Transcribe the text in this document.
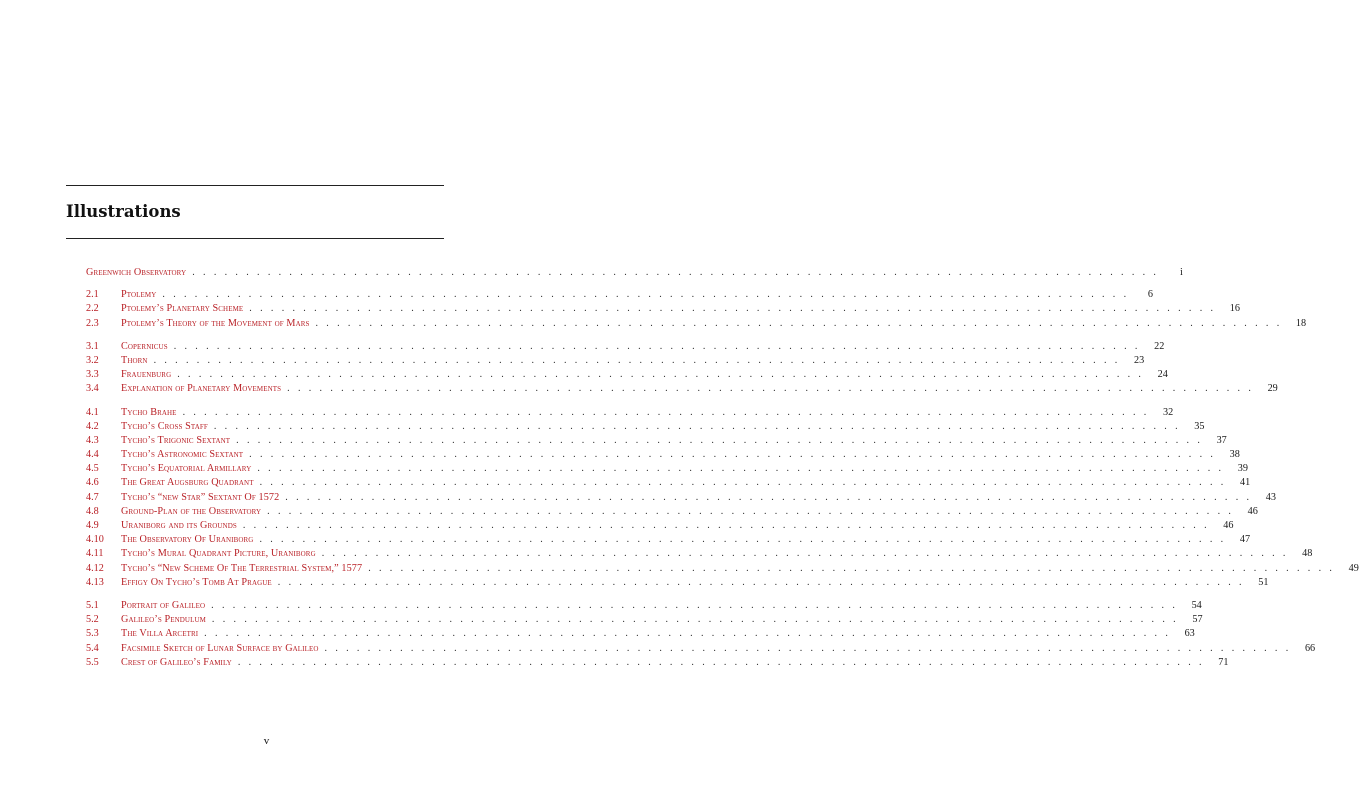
Illustrations
Greenwich Observatory . . . . . . . . . . . . . . . . . . . . . . . . . . . . . . . . . . . . . . . . . . . . . . . . . . . . . . . . . . . . . . . . . . . . . . . . . . . . . . . . . . . . . . . . . .	i
2.1	Ptolemy . . . . . . . . . . . . . . . . . . . . . . . . . . . . . . . . . . . . . . . . . . . . . . . . . . . . . . . . . . . . . . . . . . . . . . . . . . . . . . . . . . . . . . . . . .	6
2.2	Ptolemy’s Planetary Scheme . . . . . . . . . . . . . . . . . . . . . . . . . . . . . . . . . . . . . . . . . . . . . . . . . . . . . . . . . . . . . . . . . . . . . . . . . . . . . . . . . . . . . . . . . .	16
2.3	Ptolemy’s Theory of the Movement of Mars . . . . . . . . . . . . . . . . . . . . . . . . . . . . . . . . . . . . . . . . . . . . . . . . . . . . . . . . . . . . . . . . . . . . . . . . . . . . . . . . . . . . . . . . . .	18
3.1	Copernicus . . . . . . . . . . . . . . . . . . . . . . . . . . . . . . . . . . . . . . . . . . . . . . . . . . . . . . . . . . . . . . . . . . . . . . . . . . . . . . . . . . . . . . . . . .	22
3.2	Thorn . . . . . . . . . . . . . . . . . . . . . . . . . . . . . . . . . . . . . . . . . . . . . . . . . . . . . . . . . . . . . . . . . . . . . . . . . . . . . . . . . . . . . . . . . .	23
3.3	Frauenburg . . . . . . . . . . . . . . . . . . . . . . . . . . . . . . . . . . . . . . . . . . . . . . . . . . . . . . . . . . . . . . . . . . . . . . . . . . . . . . . . . . . . . . . . . .	24
3.4	Explanation of Planetary Movements . . . . . . . . . . . . . . . . . . . . . . . . . . . . . . . . . . . . . . . . . . . . . . . . . . . . . . . . . . . . . . . . . . . . . . . . . . . . . . . . . . . . . . . . . .	29
4.1	Tycho Brahe . . . . . . . . . . . . . . . . . . . . . . . . . . . . . . . . . . . . . . . . . . . . . . . . . . . . . . . . . . . . . . . . . . . . . . . . . . . . . . . . . . . . . . . . . .	32
4.2	Tycho’s Cross Staff . . . . . . . . . . . . . . . . . . . . . . . . . . . . . . . . . . . . . . . . . . . . . . . . . . . . . . . . . . . . . . . . . . . . . . . . . . . . . . . . . . . . . . . . . .	35
4.3	Tycho’s Trigonic Sextant . . . . . . . . . . . . . . . . . . . . . . . . . . . . . . . . . . . . . . . . . . . . . . . . . . . . . . . . . . . . . . . . . . . . . . . . . . . . . . . . . . . . . . . . . .	37
4.4	Tycho’s Astronomic Sextant . . . . . . . . . . . . . . . . . . . . . . . . . . . . . . . . . . . . . . . . . . . . . . . . . . . . . . . . . . . . . . . . . . . . . . . . . . . . . . . . . . . . . . . . . .	38
4.5	Tycho’s Equatorial Armillary . . . . . . . . . . . . . . . . . . . . . . . . . . . . . . . . . . . . . . . . . . . . . . . . . . . . . . . . . . . . . . . . . . . . . . . . . . . . . . . . . . . . . . . . . .	39
4.6	The Great Augsburg Quadrant . . . . . . . . . . . . . . . . . . . . . . . . . . . . . . . . . . . . . . . . . . . . . . . . . . . . . . . . . . . . . . . . . . . . . . . . . . . . . . . . . . . . . . . . . .	41
4.7	Tycho’s “new Star” Sextant Of 1572 . . . . . . . . . . . . . . . . . . . . . . . . . . . . . . . . . . . . . . . . . . . . . . . . . . . . . . . . . . . . . . . . . . . . . . . . . . . . . . . . . . . . . . . . . .	43
4.8	Ground-Plan of the Observatory . . . . . . . . . . . . . . . . . . . . . . . . . . . . . . . . . . . . . . . . . . . . . . . . . . . . . . . . . . . . . . . . . . . . . . . . . . . . . . . . . . . . . . . . . .	46
4.9	Uraniborg and its Grounds . . . . . . . . . . . . . . . . . . . . . . . . . . . . . . . . . . . . . . . . . . . . . . . . . . . . . . . . . . . . . . . . . . . . . . . . . . . . . . . . . . . . . . . . . .	46
4.10	The Observatory Of Uraniborg . . . . . . . . . . . . . . . . . . . . . . . . . . . . . . . . . . . . . . . . . . . . . . . . . . . . . . . . . . . . . . . . . . . . . . . . . . . . . . . . . . . . . . . . . .	47
4.11	Tycho’s Mural Quadrant Picture, Uraniborg . . . . . . . . . . . . . . . . . . . . . . . . . . . . . . . . . . . . . . . . . . . . . . . . . . . . . . . . . . . . . . . . . . . . . . . . . . . . . . . . . . . . . . . . . .	48
4.12	Tycho’s “New Scheme Of The Terrestrial System,” 1577 . . . . . . . . . . . . . . . . . . . . . . . . . . . . . . . . . . . . . . . . . . . . . . . . . . . . . . . . . . . . . . . . . . . . . . . . . . . . . . . . . . . . . . . . . .	49
4.13	Effigy On Tycho’s Tomb At Prague . . . . . . . . . . . . . . . . . . . . . . . . . . . . . . . . . . . . . . . . . . . . . . . . . . . . . . . . . . . . . . . . . . . . . . . . . . . . . . . . . . . . . . . . . .	51
5.1	Portrait of Galileo . . . . . . . . . . . . . . . . . . . . . . . . . . . . . . . . . . . . . . . . . . . . . . . . . . . . . . . . . . . . . . . . . . . . . . . . . . . . . . . . . . . . . . . . . .	54
5.2	Galileo’s Pendulum . . . . . . . . . . . . . . . . . . . . . . . . . . . . . . . . . . . . . . . . . . . . . . . . . . . . . . . . . . . . . . . . . . . . . . . . . . . . . . . . . . . . . . . . . .	57
5.3	The Villa Arcetri . . . . . . . . . . . . . . . . . . . . . . . . . . . . . . . . . . . . . . . . . . . . . . . . . . . . . . . . . . . . . . . . . . . . . . . . . . . . . . . . . . . . . . . . . .	63
5.4	Facsimile Sketch of Lunar Surface by Galileo . . . . . . . . . . . . . . . . . . . . . . . . . . . . . . . . . . . . . . . . . . . . . . . . . . . . . . . . . . . . . . . . . . . . . . . . . . . . . . . . . . . . . . . . . .	66
5.5	Crest of Galileo’s Family . . . . . . . . . . . . . . . . . . . . . . . . . . . . . . . . . . . . . . . . . . . . . . . . . . . . . . . . . . . . . . . . . . . . . . . . . . . . . . . . . . . . . . . . . .	71
v
